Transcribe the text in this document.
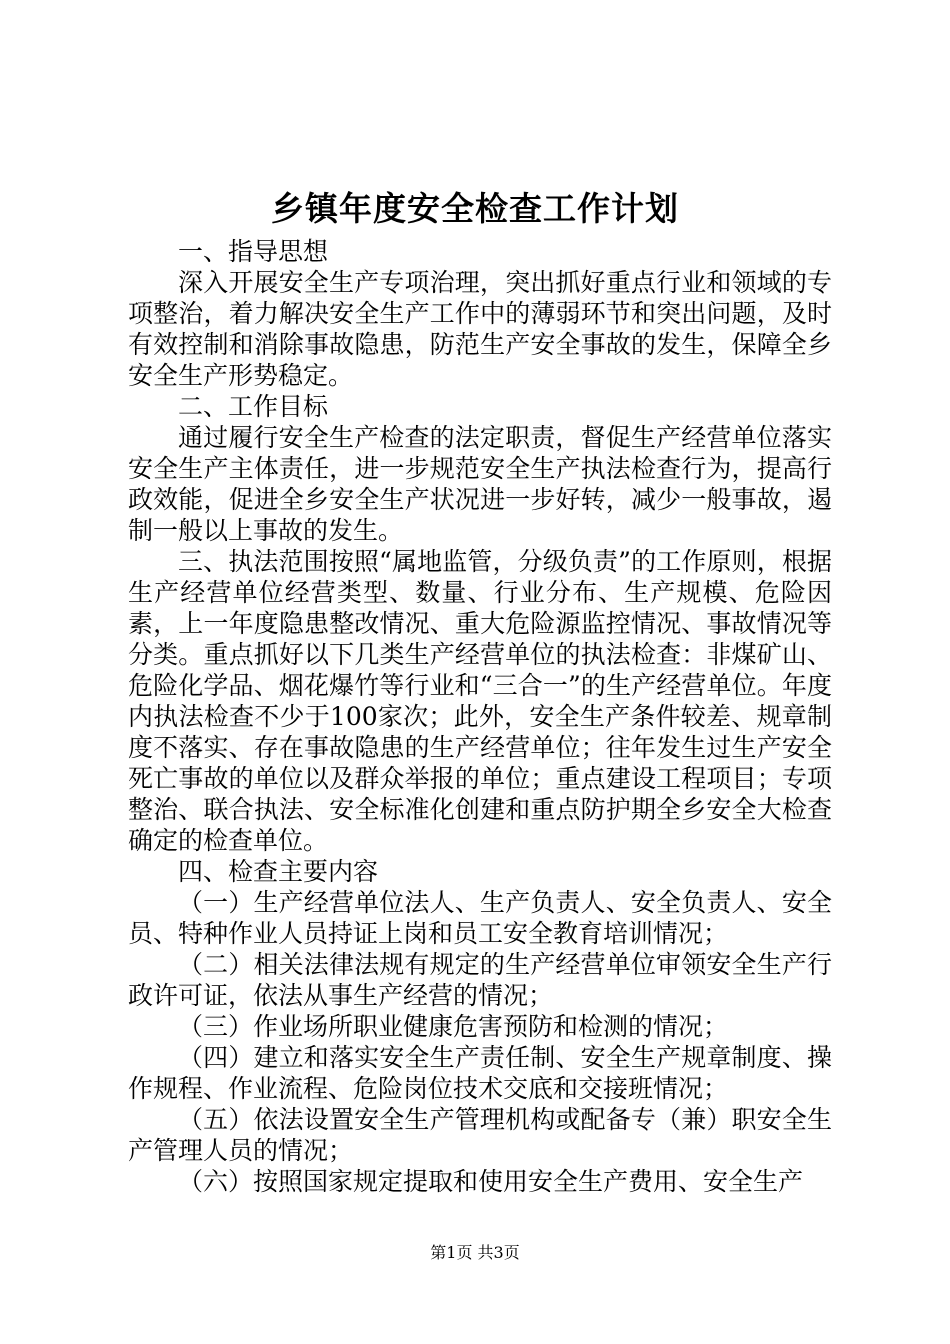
乡镇年度安全检查工作计划

一、指导思想

深入开展安全生产专项治理，突出抓好重点行业和领域的专项整治，着力解决安全生产工作中的薄弱环节和突出问题，及时有效控制和消除事故隐患，防范生产安全事故的发生，保障全乡安全生产形势稳定。

二、工作目标

通过履行安全生产检查的法定职责，督促生产经营单位落实安全生产主体责任，进一步规范安全生产执法检查行为，提高行政效能，促进全乡安全生产状况进一步好转，减少一般事故，遏制一般以上事故的发生。

三、执法范围按照“属地监管，分级负责”的工作原则，根据生产经营单位经营类型、数量、行业分布、生产规模、危险因素，上一年度隐患整改情况、重大危险源监控情况、事故情况等分类。重点抓好以下几类生产经营单位的执法检查：非煤矿山、危险化学品、烟花爆竹等行业和“三合一”的生产经营单位。年度内执法检查不少于100家次；此外，安全生产条件较差、规章制度不落实、存在事故隐患的生产经营单位；往年发生过生产安全死亡事故的单位以及群众举报的单位；重点建设工程项目；专项整治、联合执法、安全标准化创建和重点防护期全乡安全大检查确定的检查单位。

四、检查主要内容

（一）生产经营单位法人、生产负责人、安全负责人、安全员、特种作业人员持证上岗和员工安全教育培训情况；

（二）相关法律法规有规定的生产经营单位审领安全生产行政许可证，依法从事生产经营的情况；

（三）作业场所职业健康危害预防和检测的情况；

（四）建立和落实安全生产责任制、安全生产规章制度、操作规程、作业流程、危险岗位技术交底和交接班情况；

（五）依法设置安全生产管理机构或配备专（兼）职安全生产管理人员的情况；

（六）按照国家规定提取和使用安全生产费用、安全生产

第1页 共3页
